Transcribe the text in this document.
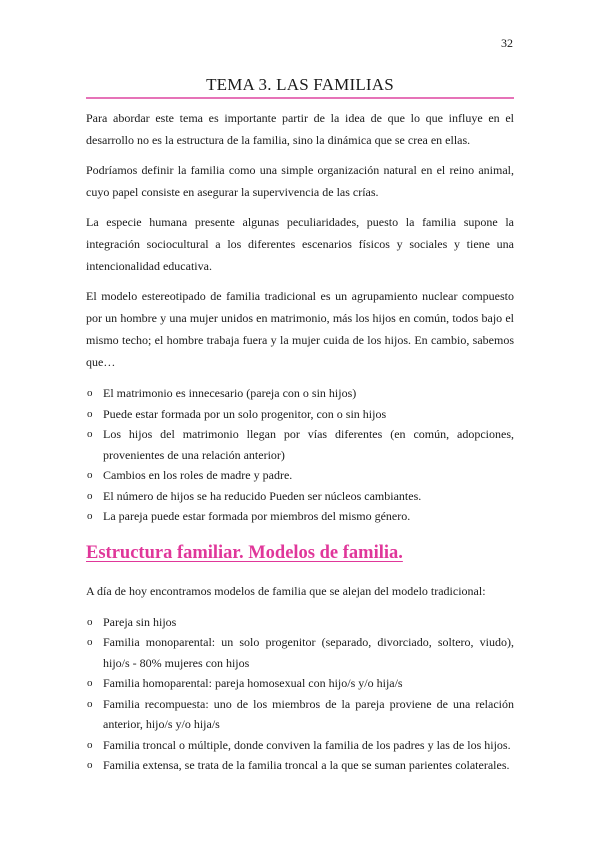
32
TEMA 3. LAS FAMILIAS

Para abordar este tema es importante partir de la idea de que lo que influye en el desarrollo no es la estructura de la familia, sino la dinámica que se crea en ellas.

Podríamos definir la familia como una simple organización natural en el reino animal, cuyo papel consiste en asegurar la supervivencia de las crías.

La especie humana presente algunas peculiaridades, puesto la familia supone la integración sociocultural a los diferentes escenarios físicos y sociales y tiene una intencionalidad educativa.

El modelo estereotipado de familia tradicional es un agrupamiento nuclear compuesto por un hombre y una mujer unidos en matrimonio, más los hijos en común, todos bajo el mismo techo; el hombre trabaja fuera y la mujer cuida de los hijos. En cambio, sabemos que…

o El matrimonio es innecesario (pareja con o sin hijos)
o Puede estar formada por un solo progenitor, con o sin hijos
o Los hijos del matrimonio llegan por vías diferentes (en común, adopciones, provenientes de una relación anterior)
o Cambios en los roles de madre y padre.
o El número de hijos se ha reducido Pueden ser núcleos cambiantes.
o La pareja puede estar formada por miembros del mismo género.
Estructura familiar. Modelos de familia.

A día de hoy encontramos modelos de familia que se alejan del modelo tradicional:

o Pareja sin hijos
o Familia monoparental: un solo progenitor (separado, divorciado, soltero, viudo), hijo/s - 80% mujeres con hijos
o Familia homoparental: pareja homosexual con hijo/s y/o hija/s
o Familia recompuesta: uno de los miembros de la pareja proviene de una relación anterior, hijo/s y/o hija/s
o Familia troncal o múltiple, donde conviven la familia de los padres y las de los hijos.
o Familia extensa, se trata de la familia troncal a la que se suman parientes colaterales.
